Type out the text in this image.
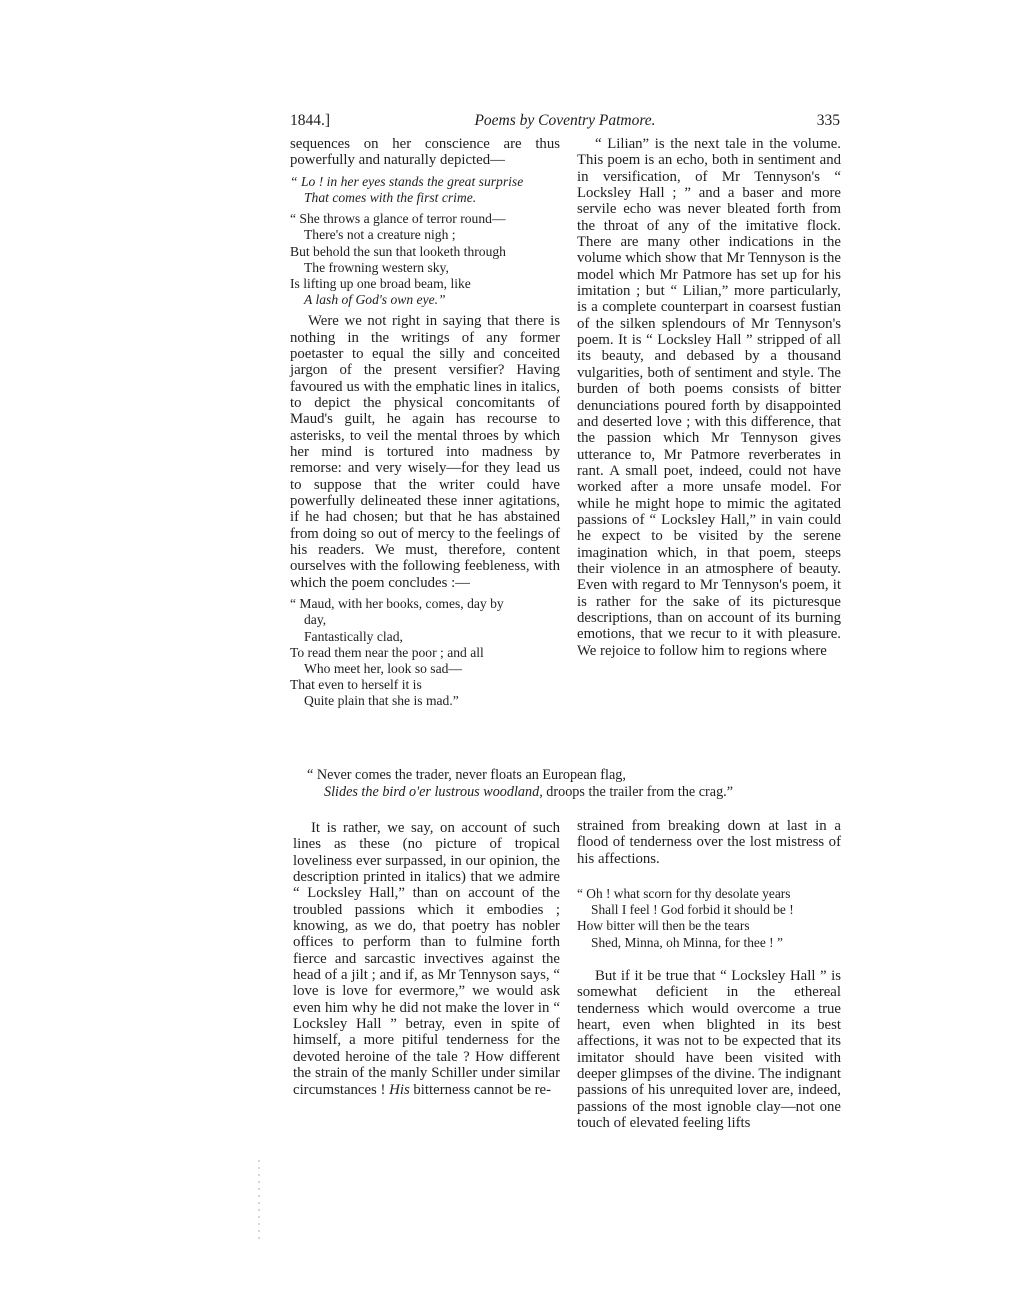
1844.]	Poems by Coventry Patmore.	335

sequences on her conscience are thus powerfully and naturally depicted—

“ Lo ! in her eyes stands the great surprise
That comes with the first crime.
“ She throws a glance of terror round—
There's not a creature nigh ;
But behold the sun that looketh through
The frowning western sky,
Is lifting up one broad beam, like
A lash of God's own eye.”

Were we not right in saying that there is nothing in the writings of any former poetaster to equal the silly and conceited jargon of the present versifier? Having favoured us with the emphatic lines in italics, to depict the physical concomitants of Maud's guilt, he again has recourse to asterisks, to veil the mental throes by which her mind is tortured into madness by remorse: and very wisely—for they lead us to suppose that the writer could have powerfully delineated these inner agitations, if he had chosen; but that he has abstained from doing so out of mercy to the feelings of his readers. We must, therefore, content ourselves with the following feebleness, with which the poem concludes :—

“ Maud, with her books, comes, day by
day,
Fantastically clad,
To read them near the poor ; and all
Who meet her, look so sad—
That even to herself it is
Quite plain that she is mad.”

“ Lilian” is the next tale in the volume. This poem is an echo, both in sentiment and in versification, of Mr Tennyson's “ Locksley Hall ; ” and a baser and more servile echo was never bleated forth from the throat of any of the imitative flock. There are many other indications in the volume which show that Mr Tennyson is the model which Mr Patmore has set up for his imitation ; but “ Lilian,” more particularly, is a complete counterpart in coarsest fustian of the silken splendours of Mr Tennyson's poem. It is “ Locksley Hall ” stripped of all its beauty, and debased by a thousand vulgarities, both of sentiment and style. The burden of both poems consists of bitter denunciations poured forth by disappointed and deserted love ; with this difference, that the passion which Mr Tennyson gives utterance to, Mr Patmore reverberates in rant. A small poet, indeed, could not have worked after a more unsafe model. For while he might hope to mimic the agitated passions of “ Locksley Hall,” in vain could he expect to be visited by the serene imagination which, in that poem, steeps their violence in an atmosphere of beauty. Even with regard to Mr Tennyson's poem, it is rather for the sake of its picturesque descriptions, than on account of its burning emotions, that we recur to it with pleasure. We rejoice to follow him to regions where

“ Never comes the trader, never floats an European flag,
Slides the bird o'er lustrous woodland, droops the trailer from the crag.”

It is rather, we say, on account of such lines as these (no picture of tropical loveliness ever surpassed, in our opinion, the description printed in italics) that we admire “ Locksley Hall,” than on account of the troubled passions which it embodies ; knowing, as we do, that poetry has nobler offices to perform than to fulmine forth fierce and sarcastic invectives against the head of a jilt ; and if, as Mr Tennyson says, “ love is love for evermore,” we would ask even him why he did not make the lover in “ Locksley Hall ” betray, even in spite of himself, a more pitiful tenderness for the devoted heroine of the tale ? How different the strain of the manly Schiller under similar circumstances ! His bitterness cannot be re-

strained from breaking down at last in a flood of tenderness over the lost mistress of his affections.

“ Oh ! what scorn for thy desolate years
Shall I feel ! God forbid it should be !
How bitter will then be the tears
Shed, Minna, oh Minna, for thee ! ”

But if it be true that “ Locksley Hall ” is somewhat deficient in the ethereal tenderness which would overcome a true heart, even when blighted in its best affections, it was not to be expected that its imitator should have been visited with deeper glimpses of the divine. The indignant passions of his unrequited lover are, indeed, passions of the most ignoble clay—not one touch of elevated feeling lifts
